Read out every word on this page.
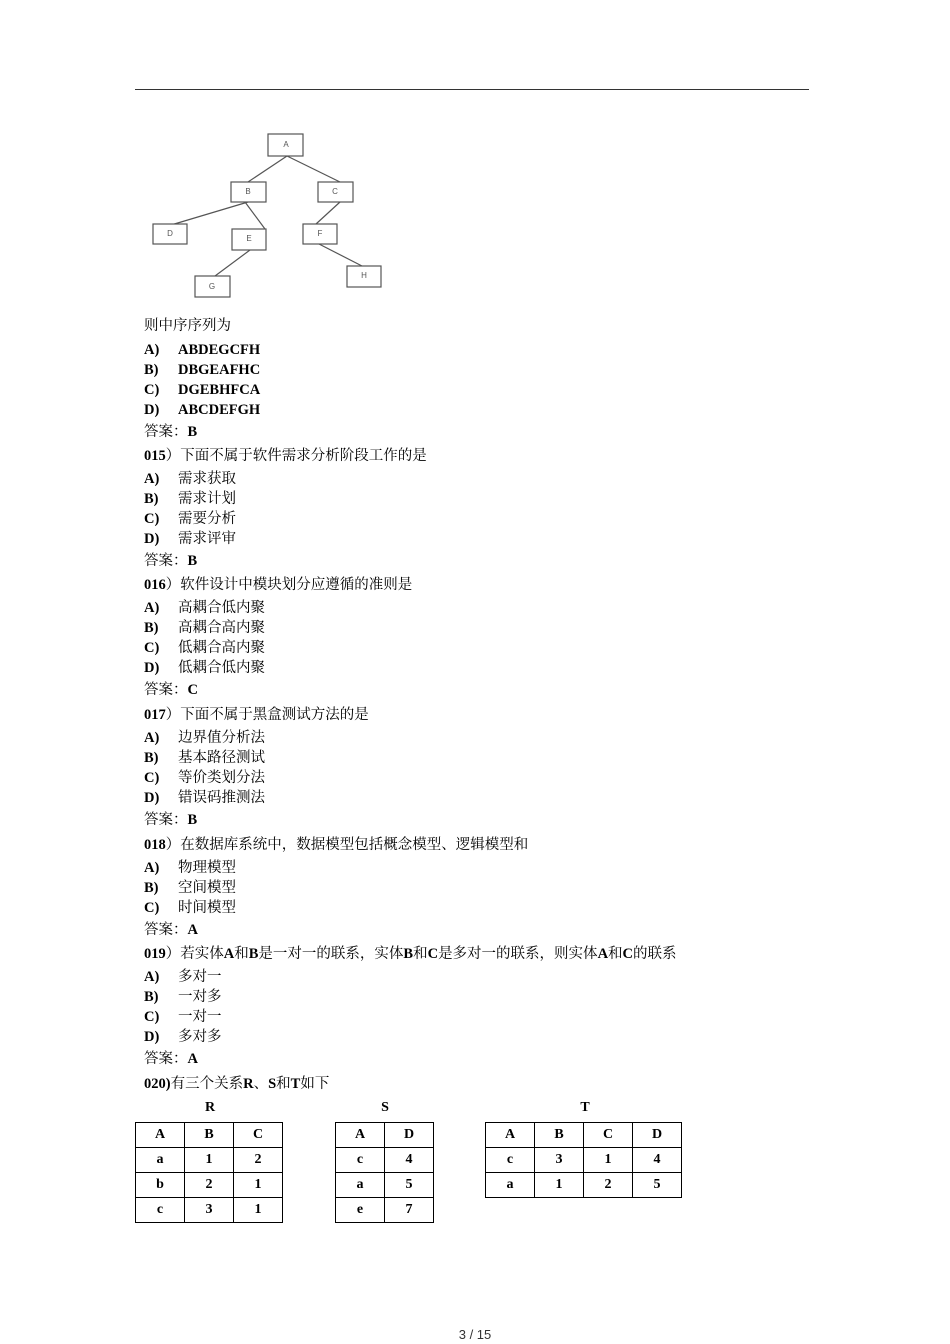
A
B	C
D
E
F
G
H
则中序序列为
A) ABDEGCFH
B) DBGEAFHC
C) DGEBHFCA
D) ABCDEFGH
答案：B
015）下面不属于软件需求分析阶段工作的是
A) 需求获取
B) 需求计划
C) 需要分析
D) 需求评审
答案：B
016）软件设计中模块划分应遵循的准则是
A) 高耦合低内聚
B) 高耦合高内聚
C) 低耦合高内聚
D) 低耦合低内聚
答案：C
017）下面不属于黑盒测试方法的是
A) 边界值分析法
B) 基本路径测试
C) 等价类划分法
D) 错误码推测法
答案：B
018）在数据库系统中，数据模型包括概念模型、逻辑模型和
A) 物理模型
B) 空间模型
C) 时间模型
答案：A
019）若实体A和B是一对一的联系，实体B和C是多对一的联系，则实体A和C的联系
A) 多对一
B) 一对多
C) 一对一
D) 多对多
答案：A
020)有三个关系R、S和T如下
R
A	B	C
a	1	2
b	2	1
c	3	1
S
A	D
c	4
a	5
e	7
T
A	B	C	D
c	3	1	4
a	1	2	5
3 / 15
